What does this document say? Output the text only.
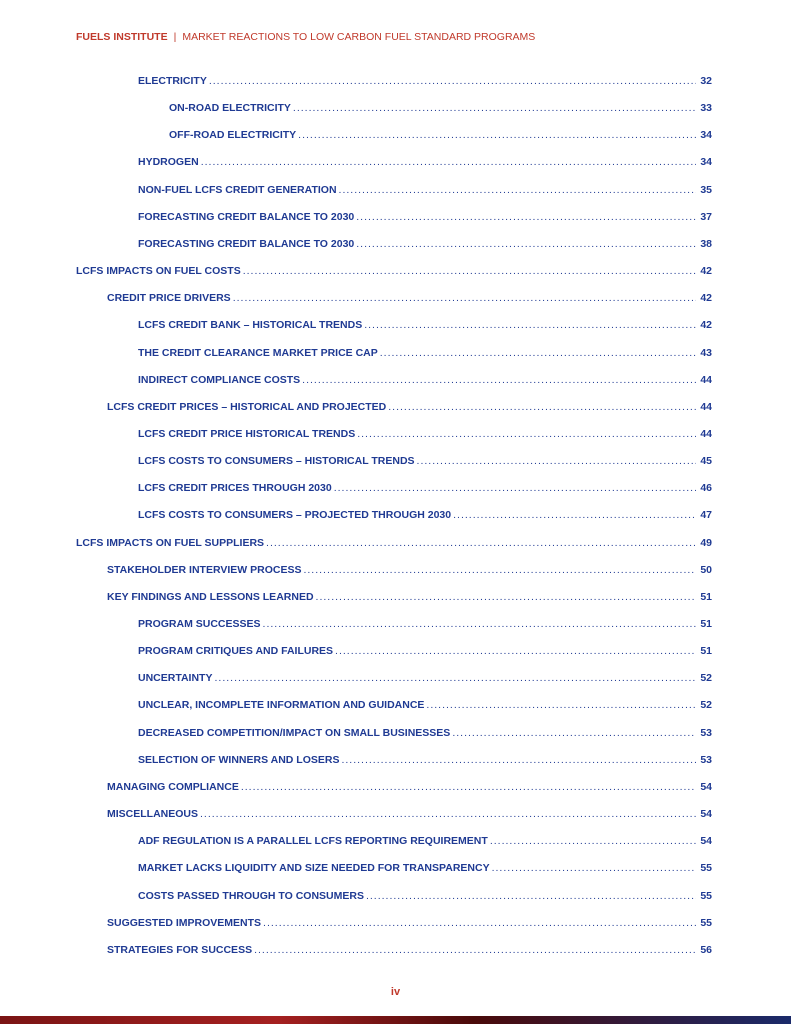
FUELS INSTITUTE | MARKET REACTIONS TO LOW CARBON FUEL STANDARD PROGRAMS
ELECTRICITY .....	32
ON-ROAD ELECTRICITY .....	33
OFF-ROAD ELECTRICITY .....	34
HYDROGEN .....	34
NON-FUEL LCFS CREDIT GENERATION .....	35
FORECASTING CREDIT BALANCE TO 2030 .....	37
FORECASTING CREDIT BALANCE TO 2030 .....	38
LCFS IMPACTS ON FUEL COSTS .....	42
CREDIT PRICE DRIVERS .....	42
LCFS CREDIT BANK – HISTORICAL TRENDS .....	42
THE CREDIT CLEARANCE MARKET PRICE CAP .....	43
INDIRECT COMPLIANCE COSTS .....	44
LCFS CREDIT PRICES – HISTORICAL AND PROJECTED .....	44
LCFS CREDIT PRICE HISTORICAL TRENDS .....	44
LCFS COSTS TO CONSUMERS – HISTORICAL TRENDS .....	45
LCFS CREDIT PRICES THROUGH 2030 .....	46
LCFS COSTS TO CONSUMERS – PROJECTED THROUGH 2030 .....	47
LCFS IMPACTS ON FUEL SUPPLIERS .....	49
STAKEHOLDER INTERVIEW PROCESS .....	50
KEY FINDINGS AND LESSONS LEARNED .....	51
PROGRAM SUCCESSES .....	51
PROGRAM CRITIQUES AND FAILURES .....	51
UNCERTAINTY .....	52
UNCLEAR, INCOMPLETE INFORMATION AND GUIDANCE .....	52
DECREASED COMPETITION/IMPACT ON SMALL BUSINESSES .....	53
SELECTION OF WINNERS AND LOSERS .....	53
MANAGING COMPLIANCE .....	54
MISCELLANEOUS .....	54
ADF REGULATION IS A PARALLEL LCFS REPORTING REQUIREMENT .....	54
MARKET LACKS LIQUIDITY AND SIZE NEEDED FOR TRANSPARENCY .....	55
COSTS PASSED THROUGH TO CONSUMERS .....	55
SUGGESTED IMPROVEMENTS .....	55
STRATEGIES FOR SUCCESS .....	56
iv
